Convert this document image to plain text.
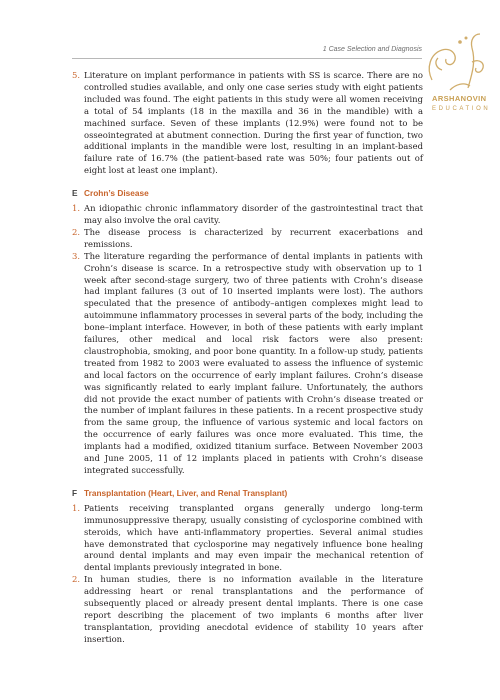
1 Case Selection and Diagnosis
ARSHANOVIN
EDUCATION
5. Literature on implant performance in patients with SS is scarce. There are no controlled studies available, and only one case series study with eight patients included was found. The eight patients in this study were all women receiving a total of 54 implants (18 in the maxilla and 36 in the mandible) with a machined surface. Seven of these implants (12.9%) were found not to be osseointegrated at abutment connection. During the first year of function, two additional implants in the mandible were lost, resulting in an implant-based failure rate of 16.7% (the patient-based rate was 50%; four patients out of eight lost at least one implant).
E Crohn’s Disease
1. An idiopathic chronic inflammatory disorder of the gastrointestinal tract that may also involve the oral cavity.
2. The disease process is characterized by recurrent exacerbations and remissions.
3. The literature regarding the performance of dental implants in patients with Crohn’s disease is scarce. In a retrospective study with observation up to 1 week after second-stage surgery, two of three patients with Crohn’s disease had implant failures (3 out of 10 inserted implants were lost). The authors speculated that the presence of antibody–antigen complexes might lead to autoimmune inflammatory processes in several parts of the body, including the bone–implant interface. However, in both of these patients with early implant failures, other medical and local risk factors were also present: claustrophobia, smoking, and poor bone quantity. In a follow-up study, patients treated from 1982 to 2003 were evaluated to assess the influence of systemic and local factors on the occurrence of early implant failures. Crohn’s disease was significantly related to early implant failure. Unfortunately, the authors did not provide the exact number of patients with Crohn’s disease treated or the number of implant failures in these patients. In a recent prospective study from the same group, the influence of various systemic and local factors on the occurrence of early failures was once more evaluated. This time, the implants had a modified, oxidized titanium surface. Between November 2003 and June 2005, 11 of 12 implants placed in patients with Crohn’s disease integrated successfully.
F Transplantation (Heart, Liver, and Renal Transplant)
1. Patients receiving transplanted organs generally undergo long-term immunosuppressive therapy, usually consisting of cyclosporine combined with steroids, which have anti-inflammatory properties. Several animal studies have demonstrated that cyclosporine may negatively influence bone healing around dental implants and may even impair the mechanical retention of dental implants previously integrated in bone.
2. In human studies, there is no information available in the literature addressing heart or renal transplantations and the performance of subsequently placed or already present dental implants. There is one case report describing the placement of two implants 6 months after liver transplantation, providing anecdotal evidence of stability 10 years after insertion.
